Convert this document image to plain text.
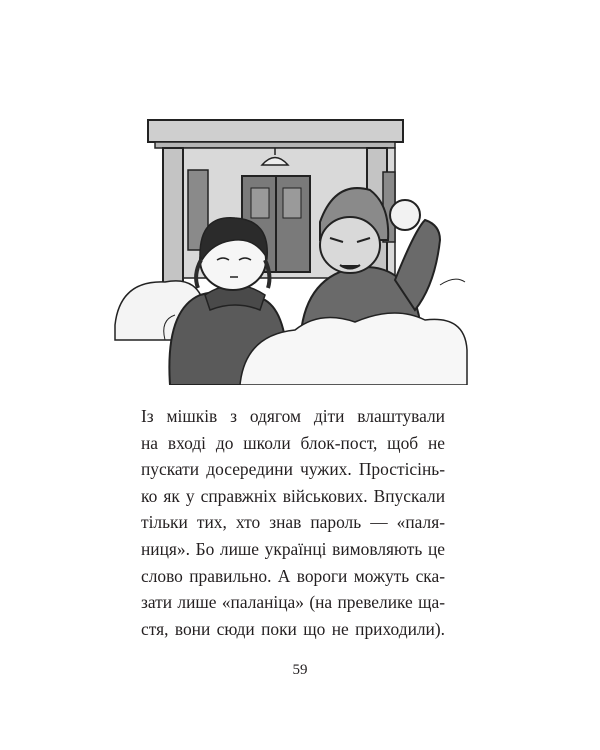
Із мішків з одягом діти влаштували
на вході до школи блок-пост, щоб не
пускати досередини чужих. Простісінь-
ко як у справжніх військових. Впускали
тільки тих, хто знав пароль — «паля-
ниця». Бо лише українці вимовляють це
слово правильно. А вороги можуть ска-
зати лише «паланіца» (на превелике ща-
стя, вони сюди поки що не приходили).
59
